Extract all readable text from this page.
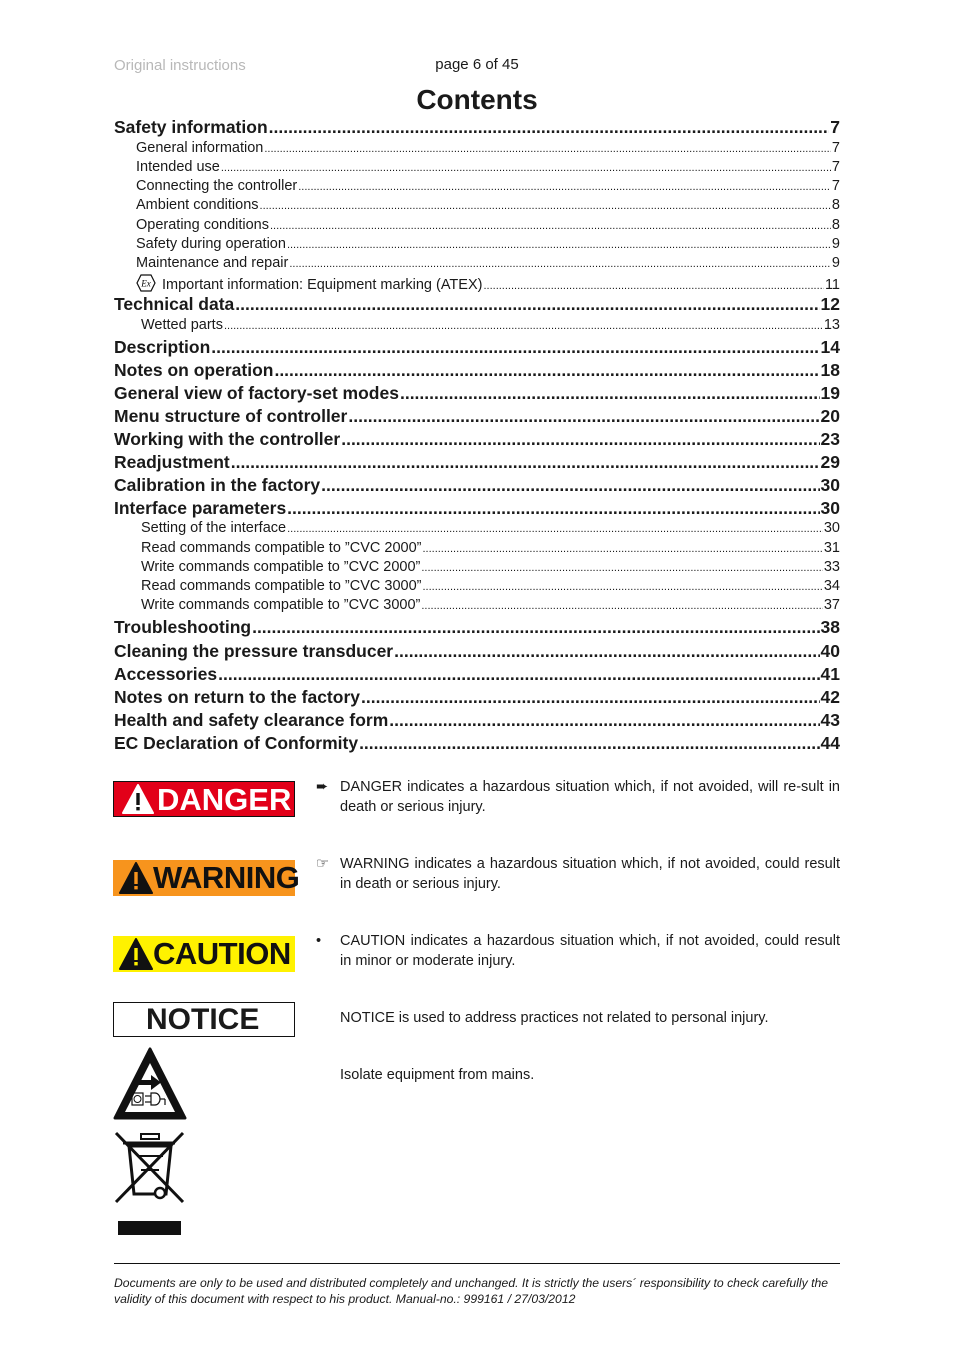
Original instructions	page 6 of 45
Contents
Safety information .....	7
General information .....	7
Intended use .....	7
Connecting the controller .....	7
Ambient conditions .....	8
Operating conditions .....	8
Safety during operation .....	9
Maintenance and repair .....	9
Ex Important information: Equipment marking (ATEX) .....	11
Technical data .....	12
Wetted parts .....	13
Description .....	14
Notes on operation .....	18
General view of factory-set modes .....	19
Menu structure of controller .....	20
Working with the controller .....	23
Readjustment .....	29
Calibration in the factory .....	30
Interface parameters .....	30
Setting of the interface .....	30
Read commands compatible to ”CVC 2000” .....	31
Write commands compatible to ”CVC 2000” .....	33
Read commands compatible to ”CVC 3000” .....	34
Write commands compatible to ”CVC 3000” .....	37
Troubleshooting .....	38
Cleaning the pressure transducer .....	40
Accessories .....	41
Notes on return to the factory .....	42
Health and safety clearance form .....	43
EC Declaration of Conformity .....	44
DANGER ➨ DANGER indicates a hazardous situation which, if not avoided, will re-sult in death or serious injury.
WARNING ☞ WARNING indicates a hazardous situation which, if not avoided, could result in death or serious injury.
CAUTION • CAUTION indicates a hazardous situation which, if not avoided, could result in minor or moderate injury.
NOTICE	NOTICE is used to address practices not related to personal injury.
Isolate equipment from mains.
Documents are only to be used and distributed completely and unchanged. It is strictly the users´ responsibility to check carefully the validity of this document with respect to his product. Manual-no.: 999161 / 27/03/2012
